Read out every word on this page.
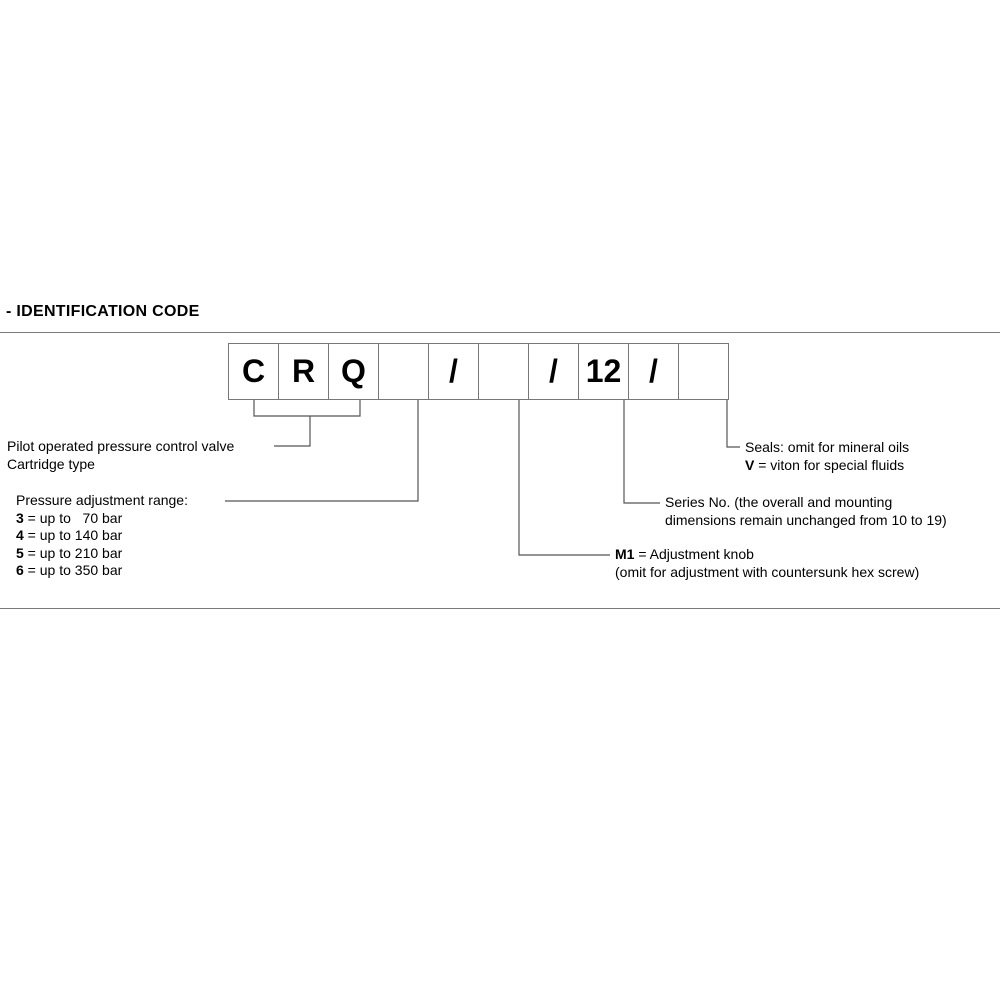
- IDENTIFICATION CODE
C R Q	/	/ 12 /
Pilot operated pressure control valve
Cartridge type
Pressure adjustment range:
3 = up to   70 bar
4 = up to 140 bar
5 = up to 210 bar
6 = up to 350 bar
M1 = Adjustment knob
(omit for adjustment with countersunk hex screw)
Series No. (the overall and mounting
dimensions remain unchanged from 10 to 19)
Seals: omit for mineral oils
V = viton for special fluids
